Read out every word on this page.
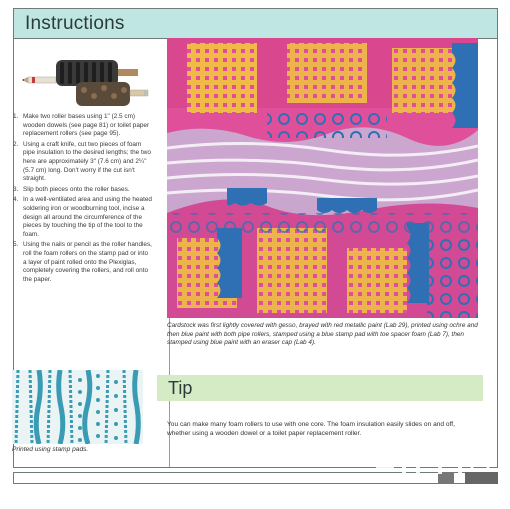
Instructions
1. Make two roller bases using 1" (2.5 cm) wooden dowels (see page 81) or toilet paper replacement rollers (see page 95).
2. Using a craft knife, cut two pieces of foam pipe insulation to the desired lengths; the two here are approximately 3" (7.6 cm) and 2¼" (5.7 cm) long. Don't worry if the cut isn't straight.
3. Slip both pieces onto the roller bases.
4. In a well-ventilated area and using the heated soldering iron or woodburning tool, incise a design all around the circumference of the pieces by touching the tip of the tool to the foam.
5. Using the nails or pencil as the roller handles, roll the foam rollers on the stamp pad or into a layer of paint rolled onto the Plexiglas, completely covering the rollers, and roll onto the paper.
Printed using stamp pads.
Cardstock was first lightly covered with gesso, brayed with red metallic paint (Lab 29), printed using ochre and then blue paint with both pipe rollers, stamped using a blue stamp pad with toe spacer foam (Lab 7), then stamped using blue paint with an eraser cap (Lab 4).
Tip
You can make many foam rollers to use with one core. The foam insulation easily slides on and off, whether using a wooden dowel or a toilet paper replacement roller.
